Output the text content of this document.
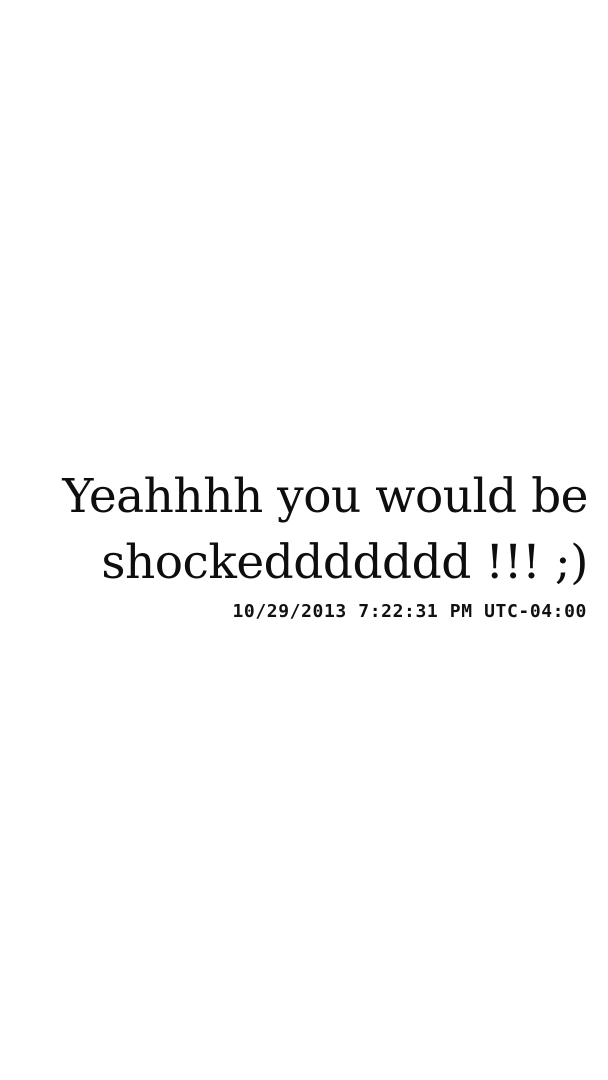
Yeahhhh you would be
shockeddddddd !!! ;)

10/29/2013 7:22:31 PM UTC-04:00
